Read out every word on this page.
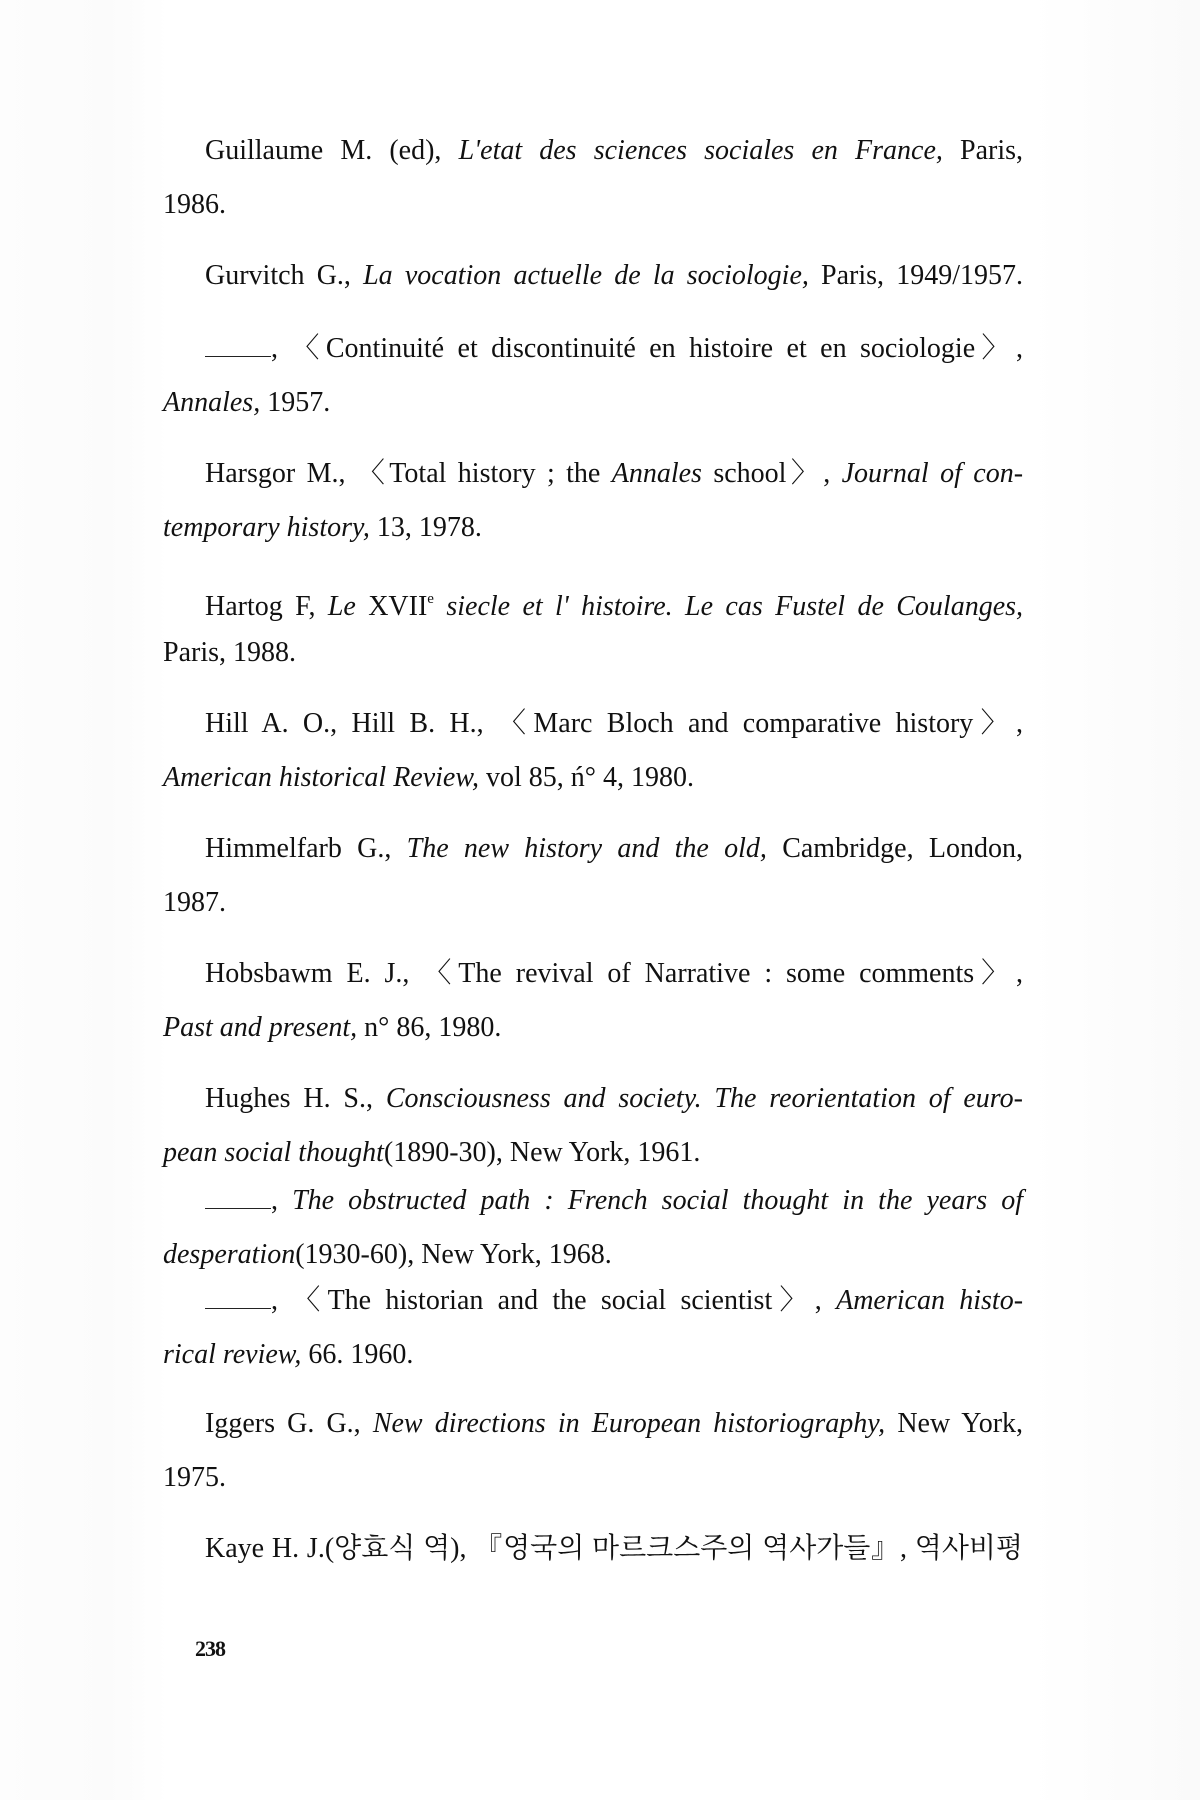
Guillaume M. (ed), L'etat des sciences sociales en France, Paris,
1986.
Gurvitch G., La vocation actuelle de la sociologie, Paris, 1949/1957.
, 〈Continuité et discontinuité en histoire et en sociologie〉,
Annales, 1957.
Harsgor M., 〈Total history ; the Annales school〉, Journal of con-
temporary history, 13, 1978.
Hartog F, Le XVIIe siecle et l' histoire. Le cas Fustel de Coulanges,
Paris, 1988.
Hill A. O., Hill B. H., 〈Marc Bloch and comparative history〉,
American historical Review, vol 85, ń° 4, 1980.
Himmelfarb G., The new history and the old, Cambridge, London,
1987.
Hobsbawm E. J., 〈The revival of Narrative : some comments〉,
Past and present, n° 86, 1980.
Hughes H. S., Consciousness and society. The reorientation of euro-
pean social thought(1890-30), New York, 1961.
, The obstructed path : French social thought in the years of
desperation(1930-60), New York, 1968.
, 〈The historian and the social scientist〉, American histo-
rical review, 66. 1960.
Iggers G. G., New directions in European historiography, New York,
1975.
Kaye H. J.(양효식 역), 『영국의 마르크스주의 역사가들』, 역사비평
238
